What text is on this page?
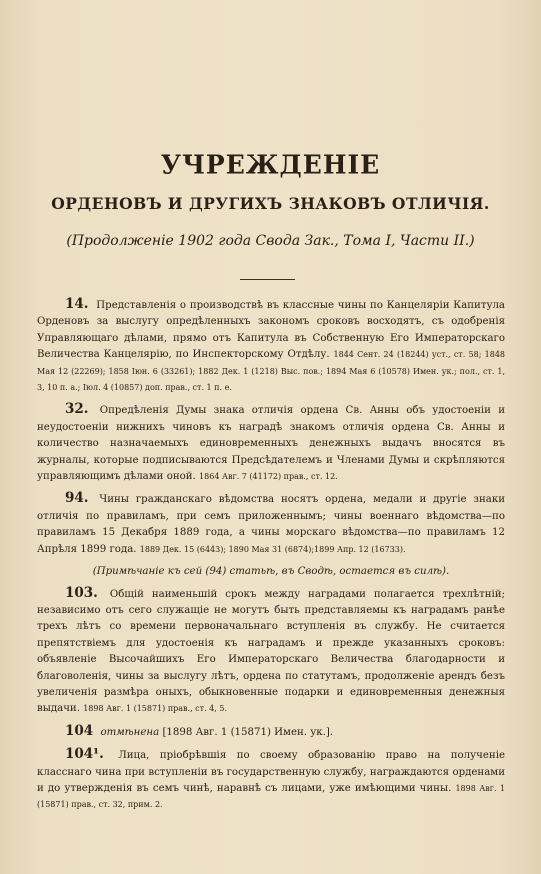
УЧРЕЖДЕНІЕ
ОРДЕНОВЪ И ДРУГИХЪ ЗНАКОВЪ ОТЛИЧІЯ.
(Продолженіе 1902 года Свода Зак., Тома I, Части II.)

14. Представленія о производствѣ въ классные чины по Канцеляріи Капитула Орденовъ за выслугу опредѣленныхъ закономъ сроковъ восходятъ, съ одобренія Управляющаго дѣлами, прямо отъ Капитула въ Собственную Его Императорскаго Величества Канцелярію, по Инспекторскому Отдѣлу. 1844 Сент. 24 (18244) уст., ст. 58; 1848 Мая 12 (22269); 1858 Іюн. 6 (33261); 1882 Дек. 1 (1218) Выс. пов.; 1894 Мая 6 (10578) Имен. ук.; пол., ст. 1, 3, 10 п. а.; Іюл. 4 (10857) доп. прав., ст. 1 п. е.

32. Опредѣленія Думы знака отличія ордена Св. Анны объ удостоеніи и неудостоеніи нижнихъ чиновъ къ наградѣ знакомъ отличія ордена Св. Анны и количество назначаемыхъ единовременныхъ денежныхъ выдачъ вносятся въ журналы, которые подписываются Предсѣдателемъ и Членами Думы и скрѣпляются управляющимъ дѣлами оной. 1864 Авг. 7 (41172) прав., ст. 12.

94. Чины гражданскаго вѣдомства носятъ ордена, медали и другіе знаки отличія по правиламъ, при семъ приложеннымъ; чины военнаго вѣдомства—по правиламъ 15 Декабря 1889 года, а чины морскаго вѣдомства—по правиламъ 12 Апрѣля 1899 года. 1889 Дек. 15 (6443); 1890 Мая 31 (6874);1899 Апр. 12 (16733).

(Примѣчаніе къ сей (94) статьѣ, въ Сводѣ, остается въ силѣ).

103. Общій наименьшій срокъ между наградами полагается трехлѣтній; независимо отъ сего служащіе не могутъ быть представляемы къ наградамъ ранѣе трехъ лѣтъ со времени первоначальнаго вступленія въ службу. Не считается препятствіемъ для удостоенія къ наградамъ и прежде указанныхъ сроковъ: объявленіе Высочайшихъ Его Императорскаго Величества благодарности и благоволенія, чины за выслугу лѣтъ, ордена по статутамъ, продолженіе арендъ безъ увеличенія размѣра оныхъ, обыкновенные подарки и единовременныя денежныя выдачи. 1898 Авг. 1 (15871) прав., ст. 4, 5.

104 отмѣнена [1898 Авг. 1 (15871) Имен. ук.].

104¹. Лица, пріобрѣвшія по своему образованію право на полученіе класснаго чина при вступленіи въ государственную службу, награждаются орденами и до утвержденія въ семъ чинѣ, наравнѣ съ лицами, уже имѣющими чины. 1898 Авг. 1 (15871) прав., ст. 32, прим. 2.
